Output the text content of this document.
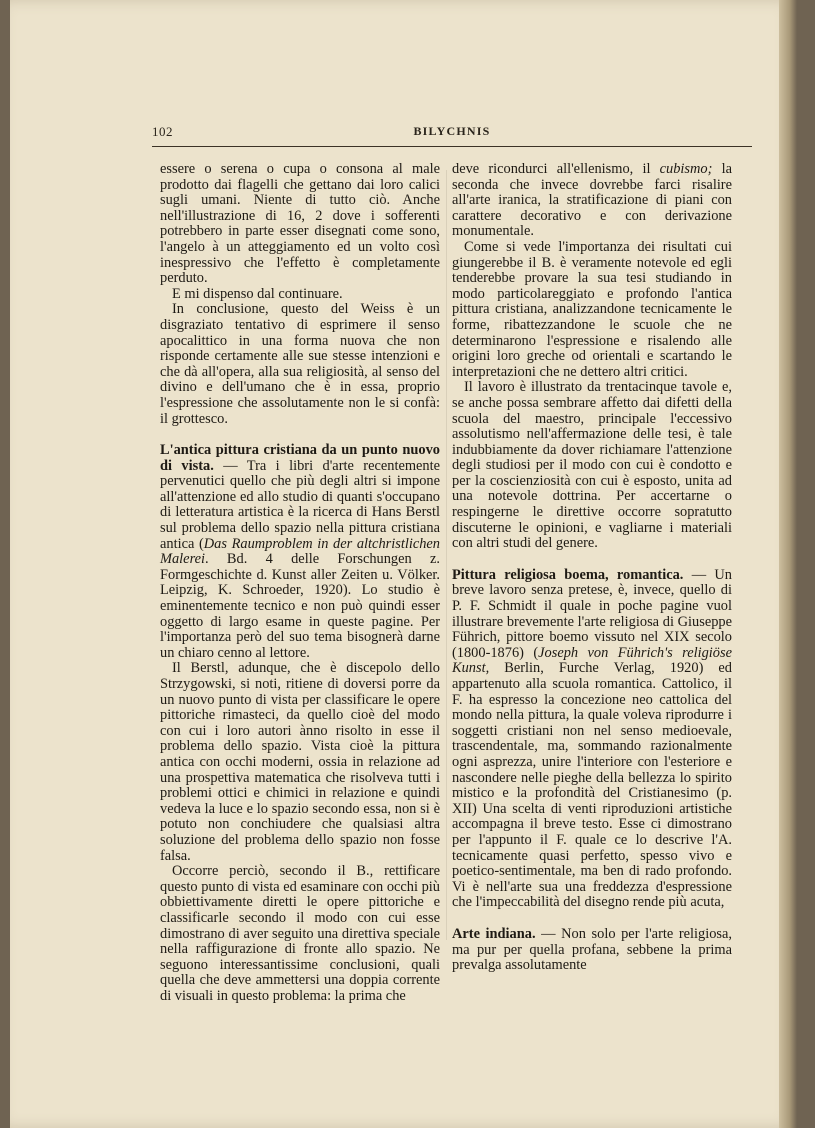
102	BILYCHNIS

essere o serena o cupa o consona al male prodotto dai flagelli che gettano dai loro calici sugli umani. Niente di tutto ciò. Anche nell'illustrazione di 16, 2 dove i sofferenti potrebbero in parte esser disegnati come sono, l'angelo à un atteggiamento ed un volto così inespressivo che l'effetto è completamente perduto.

E mi dispenso dal continuare.

In conclusione, questo del Weiss è un disgraziato tentativo di esprimere il senso apocalittico in una forma nuova che non risponde certamente alle sue stesse intenzioni e che dà all'opera, alla sua religiosità, al senso del divino e dell'umano che è in essa, proprio l'espressione che assolutamente non le si confà: il grottesco.

L'antica pittura cristiana da un punto nuovo di vista. — Tra i libri d'arte recentemente pervenutici quello che più degli altri si impone all'attenzione ed allo studio di quanti s'occupano di letteratura artistica è la ricerca di Hans Berstl sul problema dello spazio nella pittura cristiana antica (Das Raumproblem in der altchristlichen Malerei. Bd. 4 delle Forschungen z. Formgeschichte d. Kunst aller Zeiten u. Völker. Leipzig, K. Schroeder, 1920). Lo studio è eminentemente tecnico e non può quindi esser oggetto di largo esame in queste pagine. Per l'importanza però del suo tema bisognerà darne un chiaro cenno al lettore.

Il Berstl, adunque, che è discepolo dello Strzygowski, si noti, ritiene di doversi porre da un nuovo punto di vista per classificare le opere pittoriche rimasteci, da quello cioè del modo con cui i loro autori ànno risolto in esse il problema dello spazio. Vista cioè la pittura antica con occhi moderni, ossia in relazione ad una prospettiva matematica che risolveva tutti i problemi ottici e chimici in relazione e quindi vedeva la luce e lo spazio secondo essa, non si è potuto non conchiudere che qualsiasi altra soluzione del problema dello spazio non fosse falsa.

Occorre perciò, secondo il B., rettificare questo punto di vista ed esaminare con occhi più obbiettivamente diretti le opere pittoriche e classificarle secondo il modo con cui esse dimostrano di aver seguito una direttiva speciale nella raffigurazione di fronte allo spazio. Ne seguono interessantissime conclusioni, quali quella che deve ammettersi una doppia corrente di visuali in questo problema: la prima che

deve ricondurci all'ellenismo, il cubismo; la seconda che invece dovrebbe farci risalire all'arte iranica, la stratificazione di piani con carattere decorativo e con derivazione monumentale.

Come si vede l'importanza dei risultati cui giungerebbe il B. è veramente notevole ed egli tenderebbe provare la sua tesi studiando in modo particolareggiato e profondo l'antica pittura cristiana, analizzandone tecnicamente le forme, ribattezzandone le scuole che ne determinarono l'espressione e risalendo alle origini loro greche od orientali e scartando le interpretazioni che ne dettero altri critici.

Il lavoro è illustrato da trentacinque tavole e, se anche possa sembrare affetto dai difetti della scuola del maestro, principale l'eccessivo assolutismo nell'affermazione delle tesi, è tale indubbiamente da dover richiamare l'attenzione degli studiosi per il modo con cui è condotto e per la coscienziosità con cui è esposto, unita ad una notevole dottrina. Per accertarne o respingerne le direttive occorre sopratutto discuterne le opinioni, e vagliarne i materiali con altri studi del genere.

Pittura religiosa boema, romantica. — Un breve lavoro senza pretese, è, invece, quello di P. F. Schmidt il quale in poche pagine vuol illustrare brevemente l'arte religiosa di Giuseppe Führich, pittore boemo vissuto nel XIX secolo (1800-1876) (Joseph von Führich's religiöse Kunst, Berlin, Furche Verlag, 1920) ed appartenuto alla scuola romantica. Cattolico, il F. ha espresso la concezione neo cattolica del mondo nella pittura, la quale voleva riprodurre i soggetti cristiani non nel senso medioevale, trascendentale, ma, sommando razionalmente ogni asprezza, unire l'interiore con l'esteriore e nascondere nelle pieghe della bellezza lo spirito mistico e la profondità del Cristianesimo (p. XII) Una scelta di venti riproduzioni artistiche accompagna il breve testo. Esse ci dimostrano per l'appunto il F. quale ce lo descrive l'A. tecnicamente quasi perfetto, spesso vivo e poetico-sentimentale, ma ben di rado profondo. Vi è nell'arte sua una freddezza d'espressione che l'impeccabilità del disegno rende più acuta,

Arte indiana. — Non solo per l'arte religiosa, ma pur per quella profana, sebbene la prima prevalga assolutamente
